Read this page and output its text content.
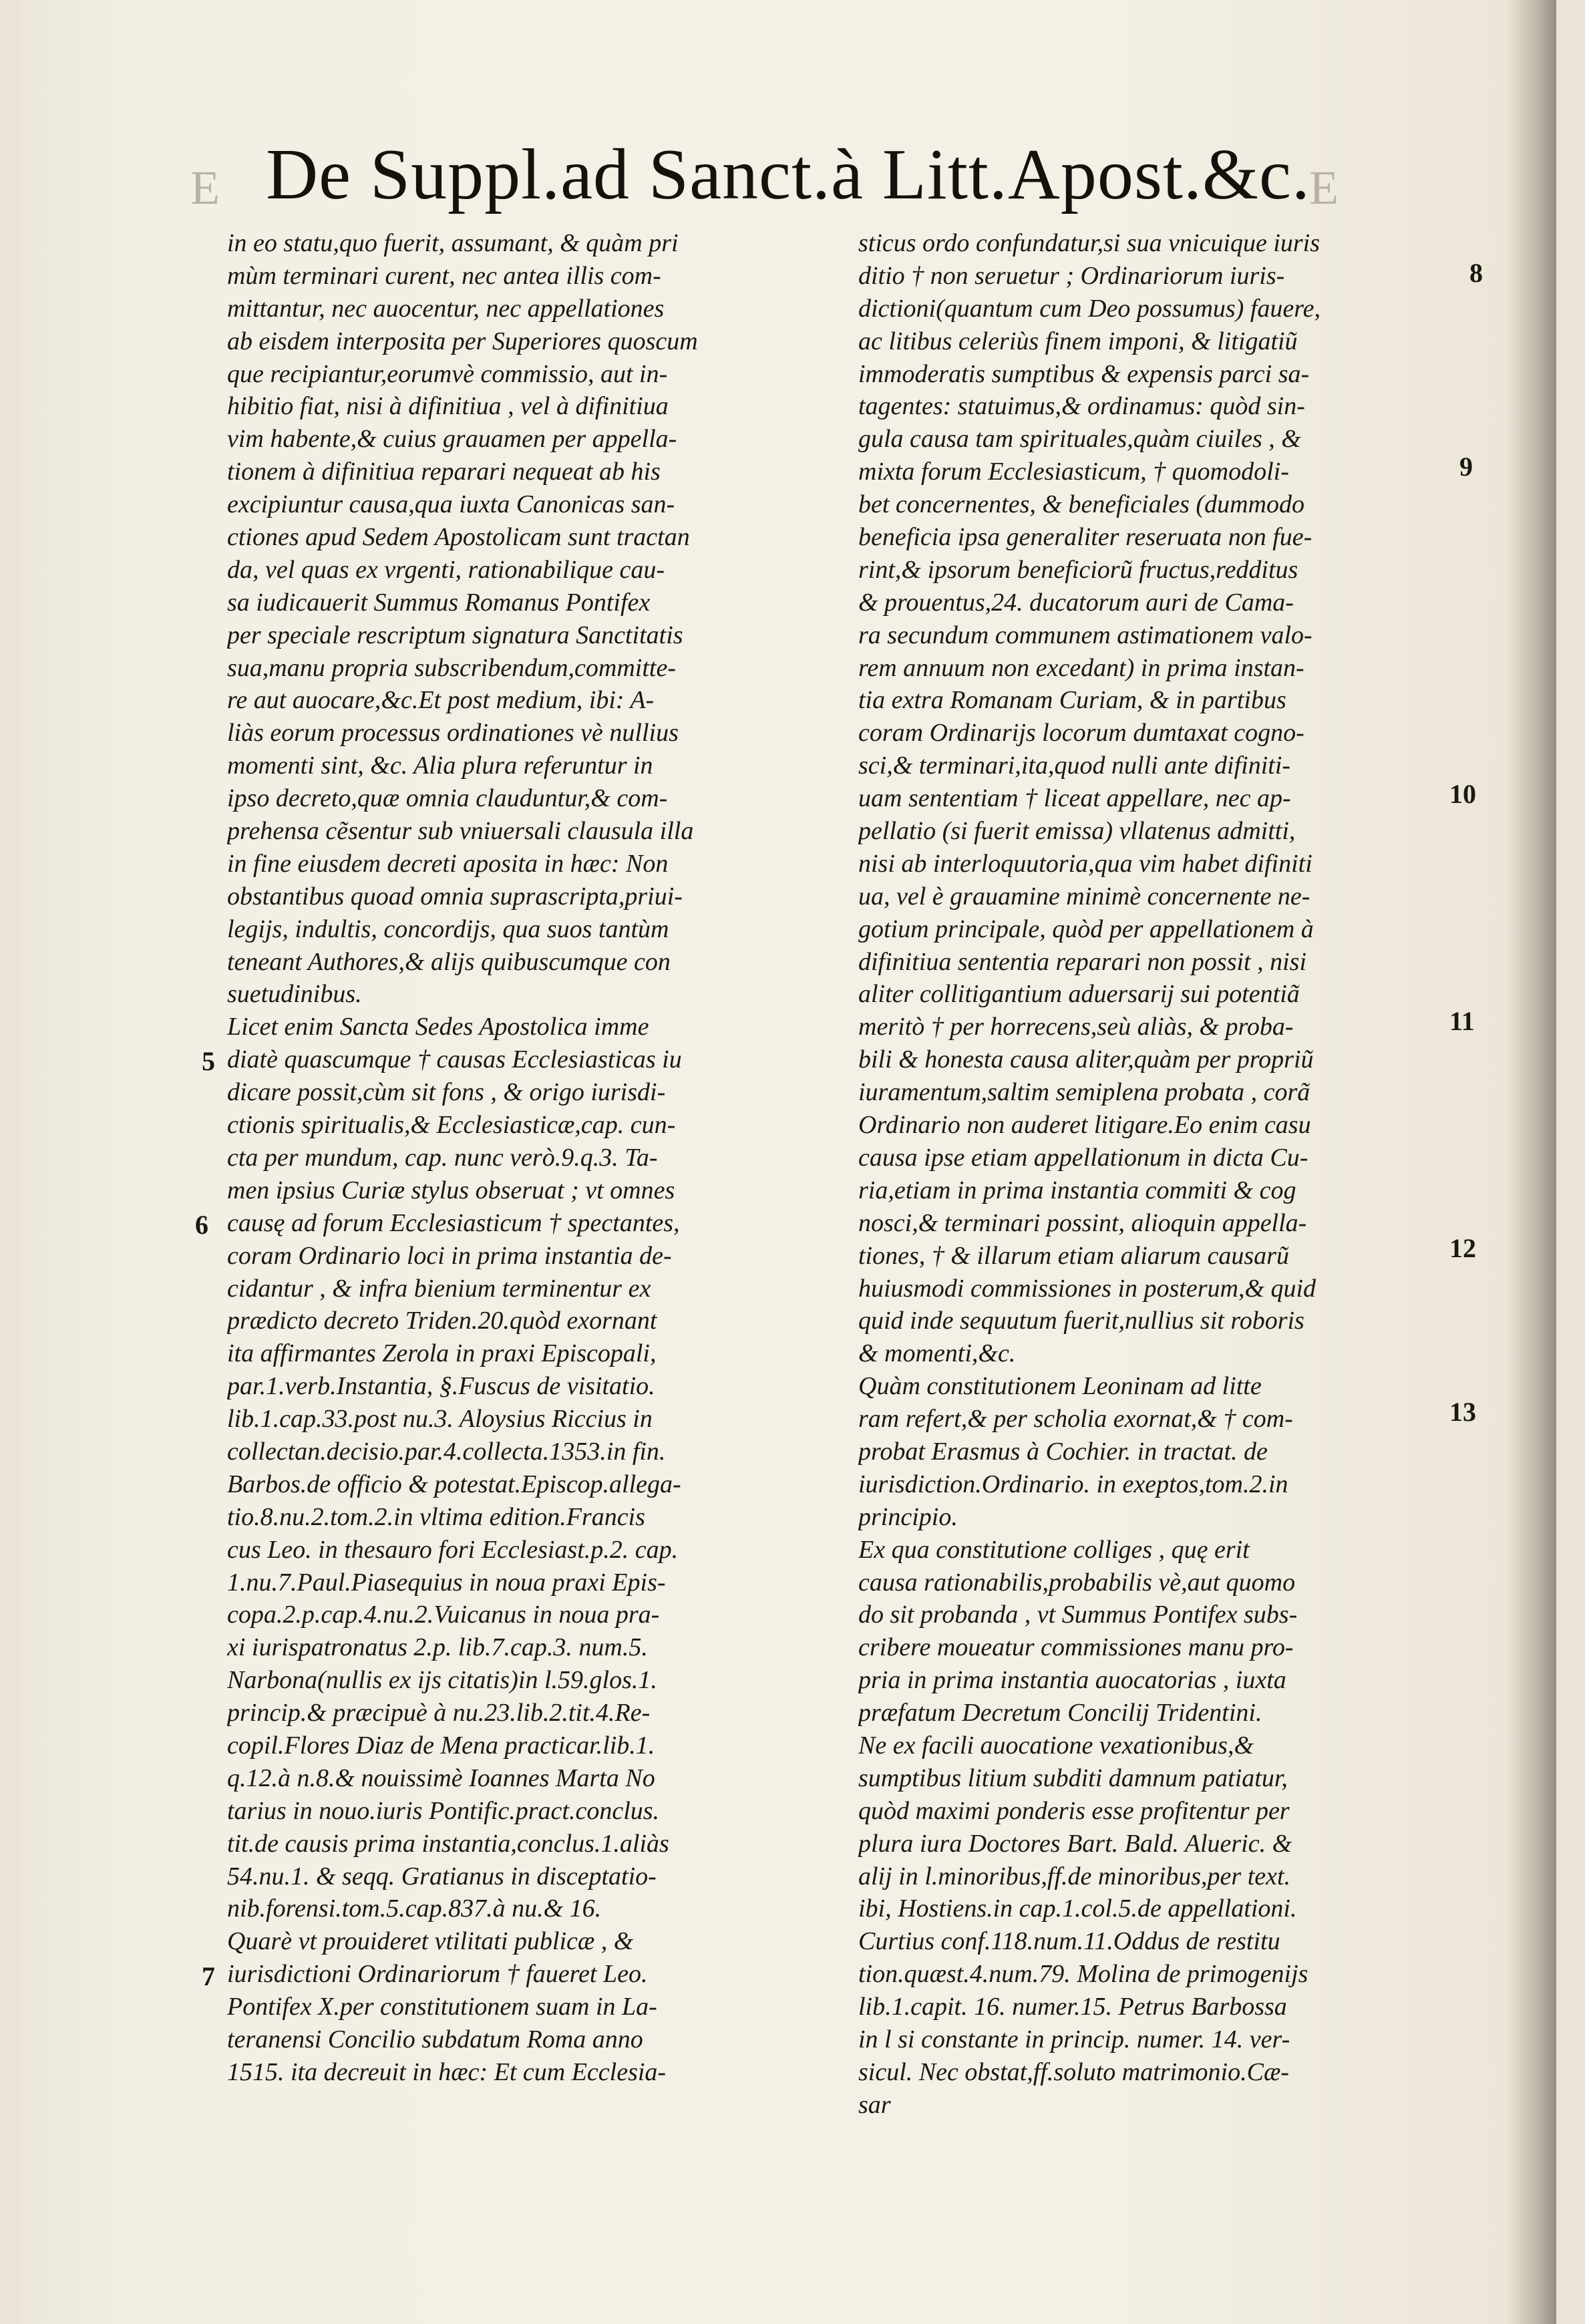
E De Suppl.ad Sanct.à Litt.Apost.&c.
E
in eo statu,quo fuerit, assumant, & quàm pri
mùm terminari curent, nec antea illis com-
mittantur, nec auocentur, nec appellationes
ab eisdem interposita per Superiores quoscum
que recipiantur,eorumvè commissio, aut in-
hibitio fiat, nisi à difinitiua , vel à difinitiua
vim habente,& cuius grauamen per appella-
tionem à difinitiua reparari nequeat ab his
excipiuntur causa,qua iuxta Canonicas san-
ctiones apud Sedem Apostolicam sunt tractan
da, vel quas ex vrgenti, rationabilique cau-
sa iudicauerit Summus Romanus Pontifex
per speciale rescriptum signatura Sanctitatis
sua,manu propria subscribendum,committe-
re aut auocare,&c.Et post medium, ibi: A-
liàs eorum processus ordinationes vè nullius
momenti sint, &c. Alia plura referuntur in
ipso decreto,quæ omnia clauduntur,& com-
prehensa cẽsentur sub vniuersali clausula illa
in fine eiusdem decreti aposita in hæc: Non
obstantibus quoad omnia suprascripta,priui-
legijs, indultis, concordijs, qua suos tantùm
teneant Authores,& alijs quibuscumque con
suetudinibus.
Licet enim Sancta Sedes Apostolica imme
diatè quascumque † causas Ecclesiasticas iu
dicare possit,cùm sit fons , & origo iurisdi-
ctionis spiritualis,& Ecclesiasticæ,cap. cun-
cta per mundum, cap. nunc verò.9.q.3. Ta-
men ipsius Curiæ stylus obseruat ; vt omnes
causę ad forum Ecclesiasticum † spectantes,
coram Ordinario loci in prima instantia de-
cidantur , & infra bienium terminentur ex
prædicto decreto Triden.20.quòd exornant
ita affirmantes Zerola in praxi Episcopali,
par.1.verb.Instantia, §.Fuscus de visitatio.
lib.1.cap.33.post nu.3. Aloysius Riccius in
collectan.decisio.par.4.collecta.1353.in fin.
Barbos.de officio & potestat.Episcop.allega-
tio.8.nu.2.tom.2.in vltima edition.Francis
cus Leo. in thesauro fori Ecclesiast.p.2. cap.
1.nu.7.Paul.Piasequius in noua praxi Epis-
copa.2.p.cap.4.nu.2.Vuicanus in noua pra-
xi iurispatronatus 2.p. lib.7.cap.3. num.5.
Narbona(nullis ex ijs citatis)in l.59.glos.1.
princip.& præcipuè à nu.23.lib.2.tit.4.Re-
copil.Flores Diaz de Mena practicar.lib.1.
q.12.à n.8.& nouissimè Ioannes Marta No
tarius in nouo.iuris Pontific.pract.conclus.
tit.de causis prima instantia,conclus.1.aliàs
54.nu.1. & seqq. Gratianus in disceptatio-
nib.forensi.tom.5.cap.837.à nu.& 16.
Quarè vt prouideret vtilitati publicæ , &
iurisdictioni Ordinariorum † faueret Leo.
Pontifex X.per constitutionem suam in La-
teranensi Concilio subdatum Roma anno
1515. ita decreuit in hæc: Et cum Ecclesia-
sticus ordo confundatur,si sua vnicuique iuris
ditio † non seruetur ; Ordinariorum iuris-
dictioni(quantum cum Deo possumus) fauere,
ac litibus celeriùs finem imponi, & litigatiũ
immoderatis sumptibus & expensis parci sa-
tagentes: statuimus,& ordinamus: quòd sin-
gula causa tam spirituales,quàm ciuiles , &
mixta forum Ecclesiasticum, † quomodoli-
bet concernentes, & beneficiales (dummodo
beneficia ipsa generaliter reseruata non fue-
rint,& ipsorum beneficiorũ fructus,redditus
& prouentus,24. ducatorum auri de Cama-
ra secundum communem astimationem valo-
rem annuum non excedant) in prima instan-
tia extra Romanam Curiam, & in partibus
coram Ordinarijs locorum dumtaxat cogno-
sci,& terminari,ita,quod nulli ante difiniti-
uam sententiam † liceat appellare, nec ap-
pellatio (si fuerit emissa) vllatenus admitti,
nisi ab interloquutoria,qua vim habet difiniti
ua, vel è grauamine minimè concernente ne-
gotium principale, quòd per appellationem à
difinitiua sententia reparari non possit , nisi
aliter collitigantium aduersarij sui potentiã
meritò † per horrecens,seù aliàs, & proba-
bili & honesta causa aliter,quàm per propriũ
iuramentum,saltim semiplena probata , corã
Ordinario non auderet litigare.Eo enim casu
causa ipse etiam appellationum in dicta Cu-
ria,etiam in prima instantia commiti & cog
nosci,& terminari possint, alioquin appella-
tiones, † & illarum etiam aliarum causarũ
huiusmodi commissiones in posterum,& quid
quid inde sequutum fuerit,nullius sit roboris
& momenti,&c.
Quàm constitutionem Leoninam ad litte
ram refert,& per scholia exornat,& † com-
probat Erasmus à Cochier. in tractat. de
iurisdiction.Ordinario. in exeptos,tom.2.in
principio.
Ex qua constitutione colliges , quę erit
causa rationabilis,probabilis vè,aut quomo
do sit probanda , vt Summus Pontifex subs-
cribere moueatur commissiones manu pro-
pria in prima instantia auocatorias , iuxta
præfatum Decretum Concilij Tridentini.
Ne ex facili auocatione vexationibus,&
sumptibus litium subditi damnum patiatur,
quòd maximi ponderis esse profitentur per
plura iura Doctores Bart. Bald. Alueric. &
alij in l.minoribus,ff.de minoribus,per text.
ibi, Hostiens.in cap.1.col.5.de appellationi.
Curtius conf.118.num.11.Oddus de restitu
tion.quæst.4.num.79. Molina de primogenijs
lib.1.capit. 16. numer.15. Petrus Barbossa
in l si constante in princip. numer. 14. ver-
sicul. Nec obstat,ff.soluto matrimonio.Cæ-
sar
5
6
7
8
9
10
11
12
13
